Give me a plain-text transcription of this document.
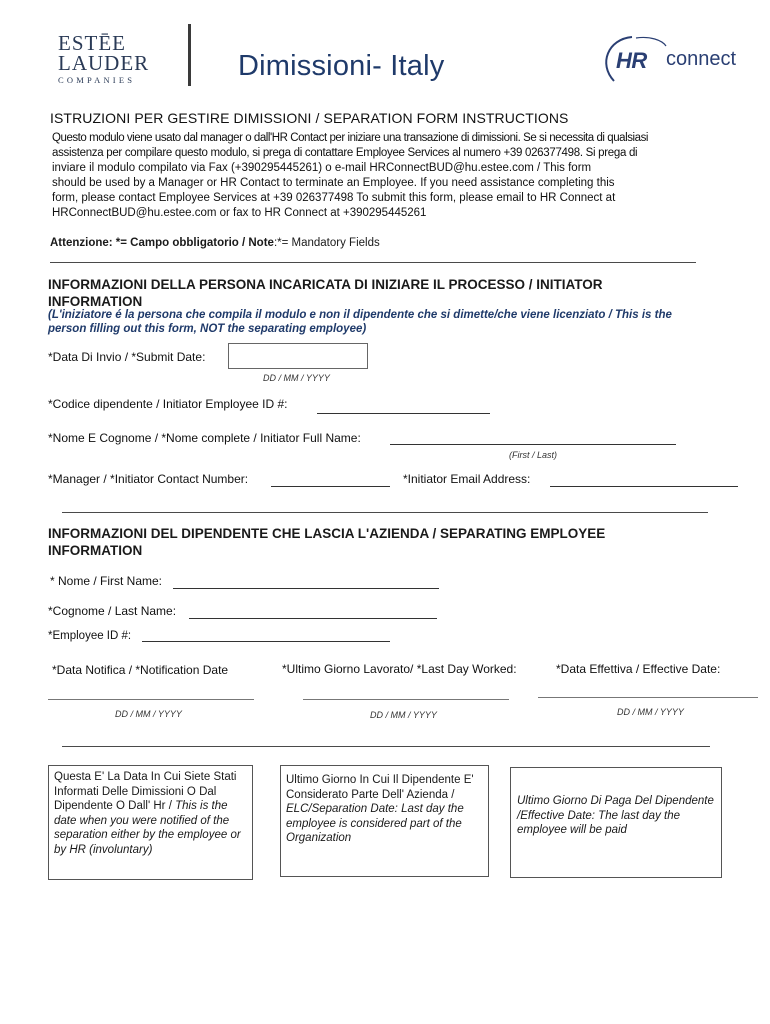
ESTĒE
LAUDER
COMPANIES	Dimissioni- Italy	HR connect
ISTRUZIONI PER GESTIRE DIMISSIONI / SEPARATION FORM INSTRUCTIONS
Questo modulo viene usato dal manager o dall'HR Contact per iniziare una transazione di dimissioni. Se si necessita di qualsiasi
assistenza per compilare questo modulo, si prega di contattare Employee Services al numero +39 026377498. Si prega di
inviare il modulo compilato via Fax (+390295445261) o e-mail HRConnectBUD@hu.estee.com / This form
should be used by a Manager or HR Contact to terminate an Employee. If you need assistance completing this
form, please contact Employee Services at +39 026377498 To submit this form, please email to HR Connect at
HRConnectBUD@hu.estee.com or fax to HR Connect at +390295445261
Attenzione: *= Campo obbligatorio / Note:*= Mandatory Fields
INFORMAZIONI DELLA PERSONA INCARICATA DI INIZIARE IL PROCESSO / INITIATOR
INFORMATION
(L'iniziatore é la persona che compila il modulo e non il dipendente che si dimette/che viene licenziato / This is the
person filling out this form, NOT the separating employee)
*Data Di Invio / *Submit Date:
DD / MM / YYYY
*Codice dipendente / Initiator Employee ID #:
*Nome E Cognome / *Nome complete / Initiator Full Name:
(First / Last)
*Manager / *Initiator Contact Number:	*Initiator Email Address:
INFORMAZIONI DEL DIPENDENTE CHE LASCIA L'AZIENDA / SEPARATING EMPLOYEE
INFORMATION
* Nome / First Name:
*Cognome / Last Name:
*Employee ID #:
*Data Notifica / *Notification Date	*Ultimo Giorno Lavorato/ *Last Day Worked:	*Data Effettiva / Effective Date:
DD / MM / YYYY	DD / MM / YYYY	DD / MM / YYYY
Questa E' La Data In Cui Siete Stati Informati Delle Dimissioni O Dal Dipendente O Dall' Hr / This is the date when you were notified of the separation either by the employee or by HR (involuntary)
Ultimo Giorno In Cui Il Dipendente E' Considerato Parte Dell' Azienda / ELC/Separation Date: Last day the employee is considered part of the Organization
Ultimo Giorno Di Paga Del Dipendente /Effective Date: The last day the employee will be paid
